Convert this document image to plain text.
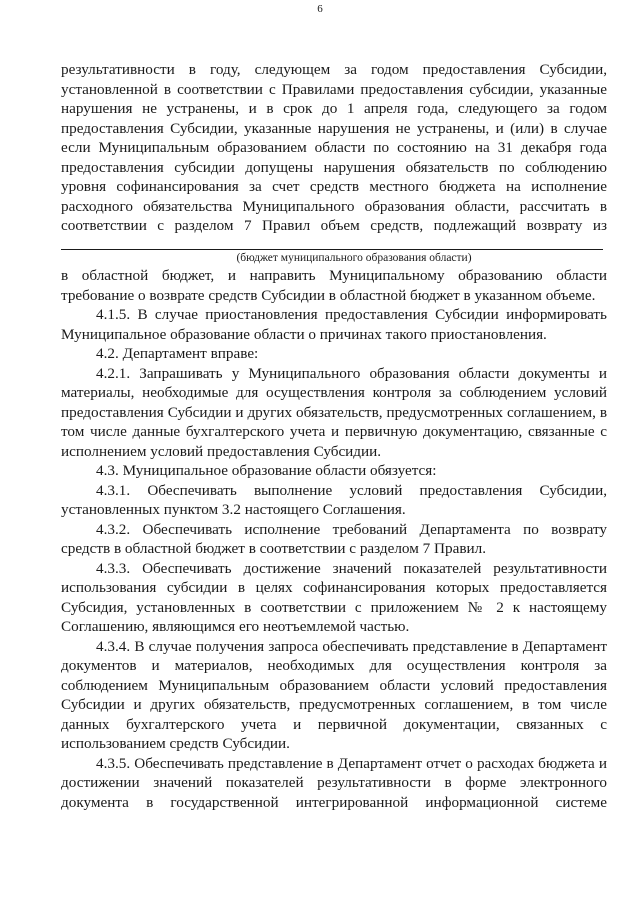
6

результативности в году, следующем за годом предоставления Субсидии, установленной в соответствии с Правилами предоставления субсидии, указанные нарушения не устранены, и в срок до 1 апреля года, следующего за годом предоставления Субсидии, указанные нарушения не устранены, и (или) в случае если Муниципальным образованием области по состоянию на 31 декабря года предоставления субсидии допущены нарушения обязательств по соблюдению уровня софинансирования за счет средств местного бюджета на исполнение расходного обязательства Муниципального образования области, рассчитать в соответствии с разделом 7 Правил объем средств, подлежащий возврату из

(бюджет муниципального образования области)

в областной бюджет, и направить Муниципальному образованию области требование о возврате средств Субсидии в областной бюджет в указанном объеме.

4.1.5. В случае приостановления предоставления Субсидии информировать Муниципальное образование области о причинах такого приостановления.

4.2. Департамент вправе:

4.2.1. Запрашивать у Муниципального образования области документы и материалы, необходимые для осуществления контроля за соблюдением условий предоставления Субсидии и других обязательств, предусмотренных соглашением, в том числе данные бухгалтерского учета и первичную документацию, связанные с исполнением условий предоставления Субсидии.

4.3. Муниципальное образование области обязуется:

4.3.1. Обеспечивать выполнение условий предоставления Субсидии, установленных пунктом 3.2 настоящего Соглашения.

4.3.2. Обеспечивать исполнение требований Департамента по возврату средств в областной бюджет в соответствии с разделом 7 Правил.

4.3.3. Обеспечивать достижение значений показателей результативности использования субсидии в целях софинансирования которых предоставляется Субсидия, установленных в соответствии с приложением № 2 к настоящему Соглашению, являющимся его неотъемлемой частью.

4.3.4. В случае получения запроса обеспечивать представление в Департамент документов и материалов, необходимых для осуществления контроля за соблюдением Муниципальным образованием области условий предоставления Субсидии и других обязательств, предусмотренных соглашением, в том числе данных бухгалтерского учета и первичной документации, связанных с использованием средств Субсидии.

4.3.5. Обеспечивать представление в Департамент отчет о расходах бюджета и достижении значений показателей результативности в форме электронного документа в государственной интегрированной информационной системе
